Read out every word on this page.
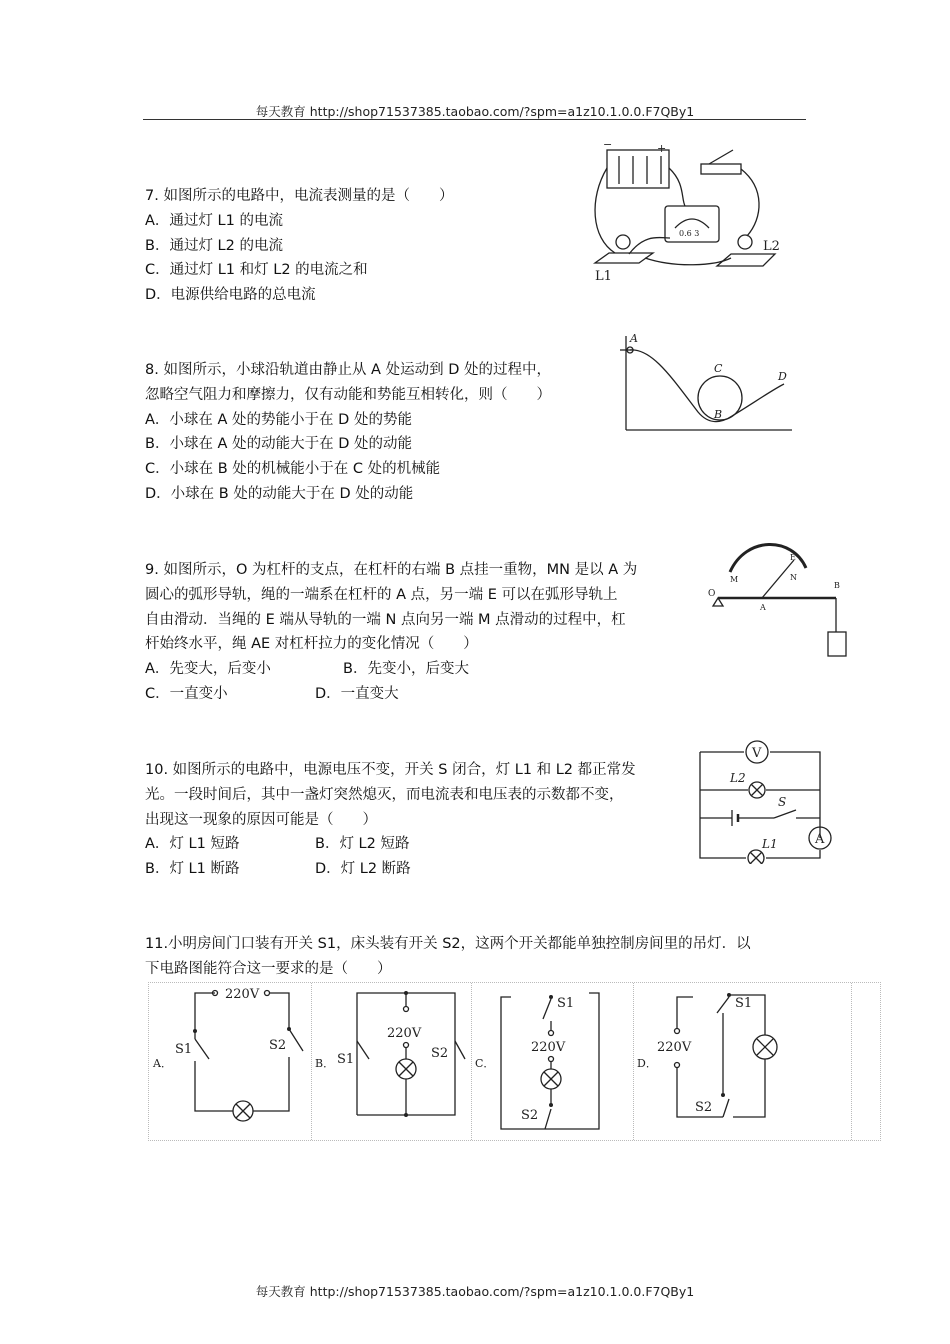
每天教育 http://shop71537385.taobao.com/?spm=a1z10.1.0.0.F7QBy1

7. 如图所示的电路中，电流表测量的是（　　）

A．通过灯 L1 的电流

B．通过灯 L2 的电流

C．通过灯 L1 和灯 L2 的电流之和

D．电源供给电路的总电流

−	+
0.6 3
L1
L2

8. 如图所示，小球沿轨道由静止从 A 处运动到 D 处的过程中，

忽略空气阻力和摩擦力，仅有动能和势能互相转化，则（　　）

A．小球在 A 处的势能小于在 D 处的势能

B．小球在 A 处的动能大于在 D 处的动能

C．小球在 B 处的机械能小于在 C 处的机械能

D．小球在 B 处的动能大于在 D 处的动能

A
C
B
D

9. 如图所示，O 为杠杆的支点，在杠杆的右端 B 点挂一重物，MN 是以 A 为

圆心的弧形导轨，绳的一端系在杠杆的 A 点，另一端 E 可以在弧形导轨上

自由滑动．当绳的 E 端从导轨的一端 N 点向另一端 M 点滑动的过程中，杠

杆始终水平，绳 AE 对杠杆拉力的变化情况（　　）

A．先变大，后变小	B．先变小，后变大
C．一直变小	D．一直变大
O
M
E
N
A
B

10. 如图所示的电路中，电源电压不变，开关 S 闭合，灯 L1 和 L2 都正常发

光。一段时间后，其中一盏灯突然熄灭，而电流表和电压表的示数都不变，

出现这一现象的原因可能是（　　）

A．灯 L1 短路	B．灯 L2 短路
B．灯 L1 断路	D．灯 L2 断路
V
L2
S
L1	A

11.小明房间门口装有开关 S1，床头装有开关 S2，这两个开关都能单独控制房间里的吊灯．以

下电路图能符合这一要求的是（　　）

A．
220V
S1	S2
B．
220V
S1	S2
C．
S1
220V
S2
D．
220V
S1
S2
每天教育 http://shop71537385.taobao.com/?spm=a1z10.1.0.0.F7QBy1
